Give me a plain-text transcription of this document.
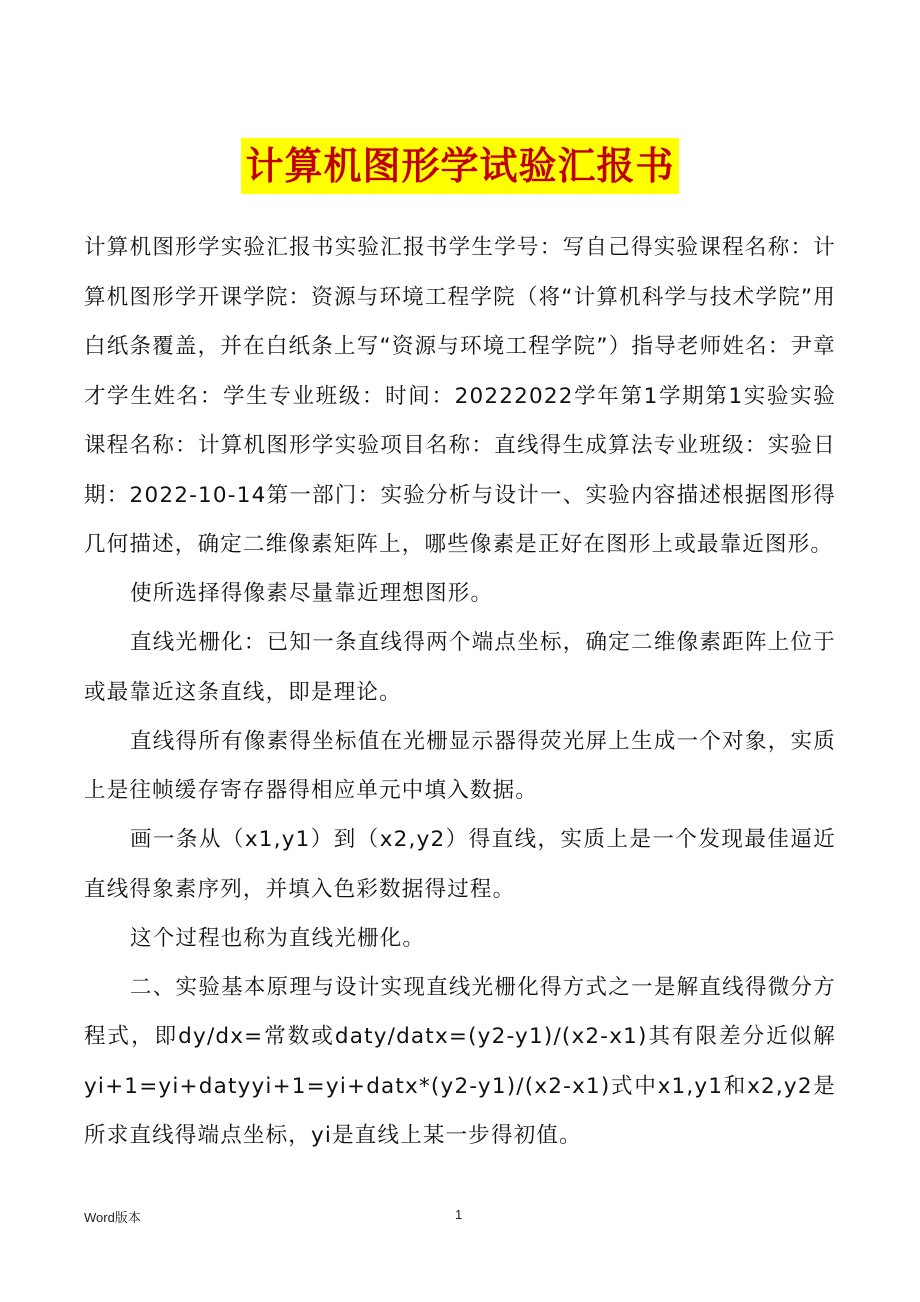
计算机图形学试验汇报书

计算机图形学实验汇报书实验汇报书学生学号：写自己得实验课程名称：计算机图形学开课学院：资源与环境工程学院（将“计算机科学与技术学院”用白纸条覆盖，并在白纸条上写“资源与环境工程学院”）指导老师姓名：尹章才学生姓名：学生专业班级：时间：20222022学年第1学期第1实验实验课程名称：计算机图形学实验项目名称：直线得生成算法专业班级：实验日期：2022-10-14第一部门：实验分析与设计一、实验内容描述根据图形得几何描述，确定二维像素矩阵上，哪些像素是正好在图形上或最靠近图形。

使所选择得像素尽量靠近理想图形。

直线光栅化：已知一条直线得两个端点坐标，确定二维像素距阵上位于或最靠近这条直线，即是理论。

直线得所有像素得坐标值在光栅显示器得荧光屏上生成一个对象，实质上是往帧缓存寄存器得相应单元中填入数据。

画一条从（x1,y1）到（x2,y2）得直线，实质上是一个发现最佳逼近直线得象素序列，并填入色彩数据得过程。

这个过程也称为直线光栅化。

二、实验基本原理与设计实现直线光栅化得方式之一是解直线得微分方程式，即dy/dx=常数或daty/datx=(y2-y1)/(x2-x1)其有限差分近似解yi+1=yi+datyyi+1=yi+datx*(y2-y1)/(x2-x1)式中x1,y1和x2,y2是所求直线得端点坐标，yi是直线上某一步得初值。

Word版本	1
